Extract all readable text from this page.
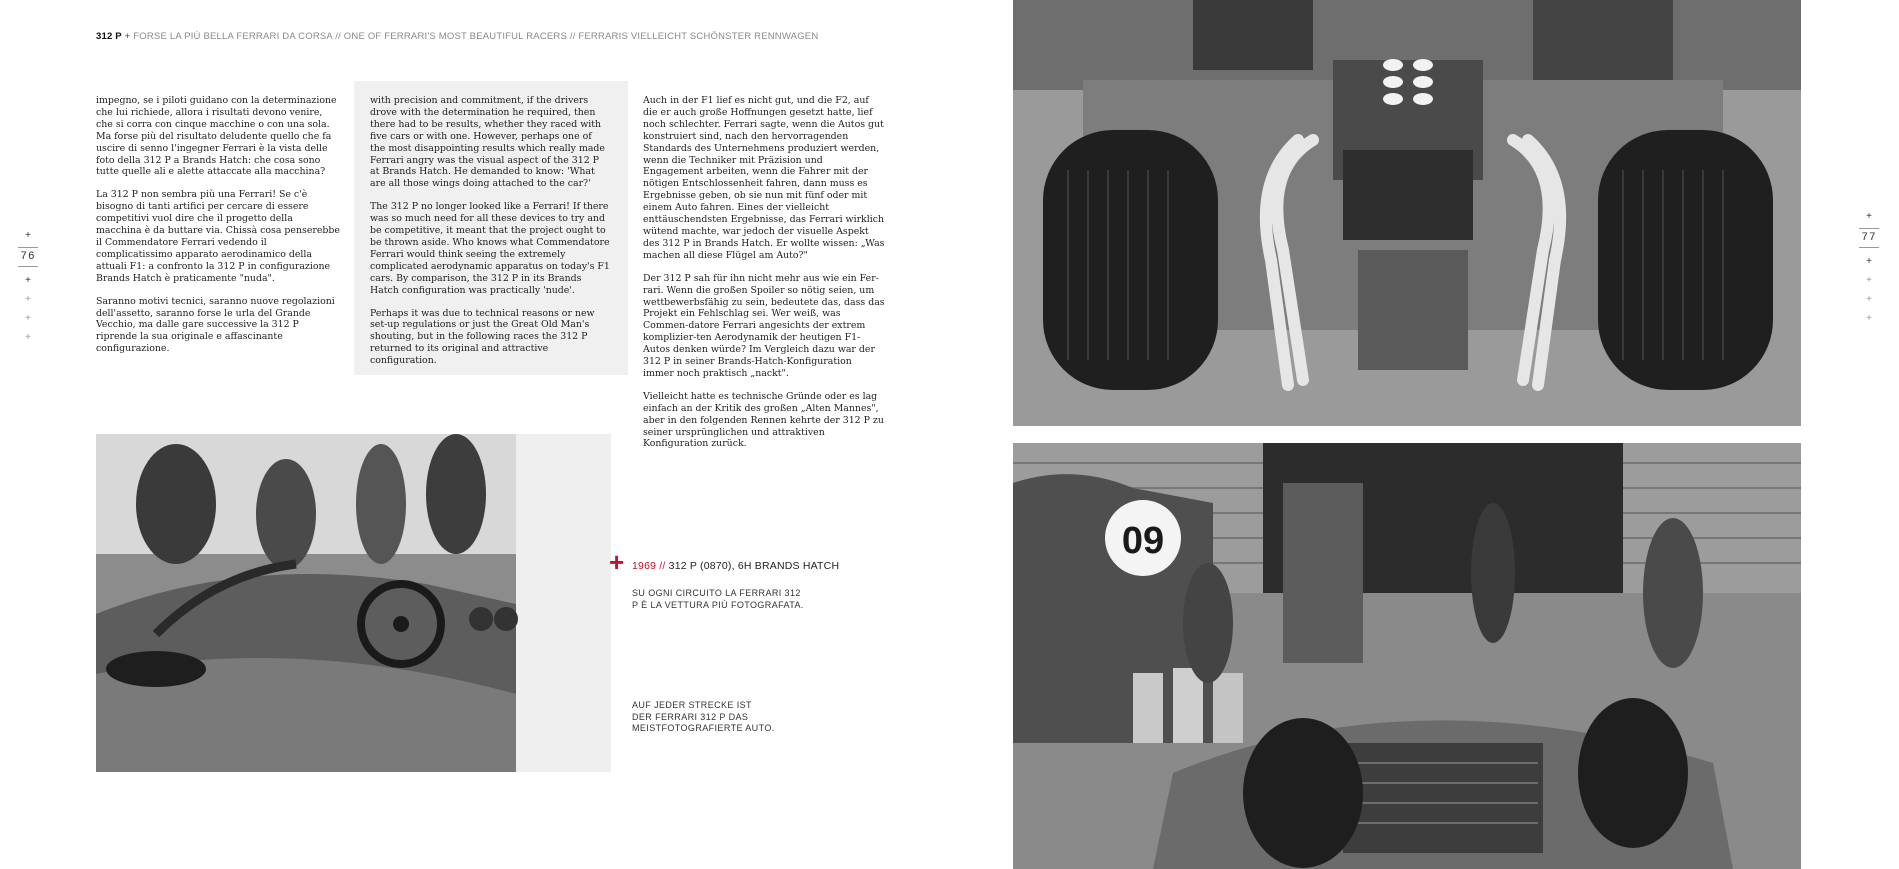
312 P + FORSE LA PIÙ BELLA FERRARI DA CORSA // ONE OF FERRARI'S MOST BEAUTIFUL RACERS // FERRARIS VIELLEICHT SCHÖNSTER RENNWAGEN
+
76
+
+
+
+
+
77
+
+
+
+

impegno, se i piloti guidano con la determinazione che lui richiede, allora i risultati devono venire, che si corra con cinque macchine o con una sola. Ma forse più del risultato deludente quello che fa uscire di senno l'ingegner Ferrari è la vista delle foto della 312 P a Brands Hatch: che cosa sono tutte quelle ali e alette attaccate alla macchina?

La 312 P non sembra più una Ferrari! Se c'è bisogno di tanti artifici per cercare di essere competitivi vuol dire che il progetto della macchina è da buttare via. Chissà cosa penserebbe il Commendatore Ferrari vedendo il complicatissimo apparato aerodinamico della attuali F1: a confronto la 312 P in configurazione Brands Hatch è praticamente "nuda".

Saranno motivi tecnici, saranno nuove regolazioni dell'assetto, saranno forse le urla del Grande Vecchio, ma dalle gare successive la 312 P riprende la sua originale e affascinante configurazione.

with precision and commitment, if the drivers drove with the determination he required, then there had to be results, whether they raced with five cars or with one. However, perhaps one of the most disappointing results which really made Ferrari angry was the visual aspect of the 312 P at Brands Hatch. He demanded to know: 'What are all those wings doing attached to the car?'

The 312 P no longer looked like a Ferrari! If there was so much need for all these devices to try and be competitive, it meant that the project ought to be thrown aside. Who knows what Commendatore Ferrari would think seeing the extremely complicated aerodynamic apparatus on today's F1 cars. By comparison, the 312 P in its Brands Hatch configuration was practically 'nude'.

Perhaps it was due to technical reasons or new set-up regulations or just the Great Old Man's shouting, but in the following races the 312 P returned to its original and attractive configuration.

Auch in der F1 lief es nicht gut, und die F2, auf die er auch große Hoffnungen gesetzt hatte, lief noch schlechter. Ferrari sagte, wenn die Autos gut konstruiert sind, nach den hervorragenden Standards des Unternehmens produziert werden, wenn die Techniker mit Präzision und Engagement arbeiten, wenn die Fahrer mit der nötigen Entschlossenheit fahren, dann muss es Ergebnisse geben, ob sie nun mit fünf oder mit einem Auto fahren. Eines der vielleicht enttäuschendsten Ergebnisse, das Ferrari wirklich wütend machte, war jedoch der visuelle Aspekt des 312 P in Brands Hatch. Er wollte wissen: „Was machen all diese Flügel am Auto?"

Der 312 P sah für ihn nicht mehr aus wie ein Fer-rari. Wenn die großen Spoiler so nötig seien, um wettbewerbsfähig zu sein, bedeutete das, dass das Projekt ein Fehlschlag sei. Wer weiß, was Commen-datore Ferrari angesichts der extrem komplizier-ten Aerodynamik der heutigen F1-Autos denken würde? Im Vergleich dazu war der 312 P in seiner Brands-Hatch-Konfiguration immer noch praktisch „nackt".

Vielleicht hatte es technische Gründe oder es lag einfach an der Kritik des großen „Alten Mannes", aber in den folgenden Rennen kehrte der 312 P zu seiner ursprünglichen und attraktiven Konfiguration zurück.

+ 1969 // 312 P (0870), 6H BRANDS HATCH
SU OGNI CIRCUITO LA FERRARI 312
P È LA VETTURA PIÙ FOTOGRAFATA.
AUF JEDER STRECKE IST
DER FERRARI 312 P DAS
MEISTFOTOGRAFIERTE AUTO.
09
